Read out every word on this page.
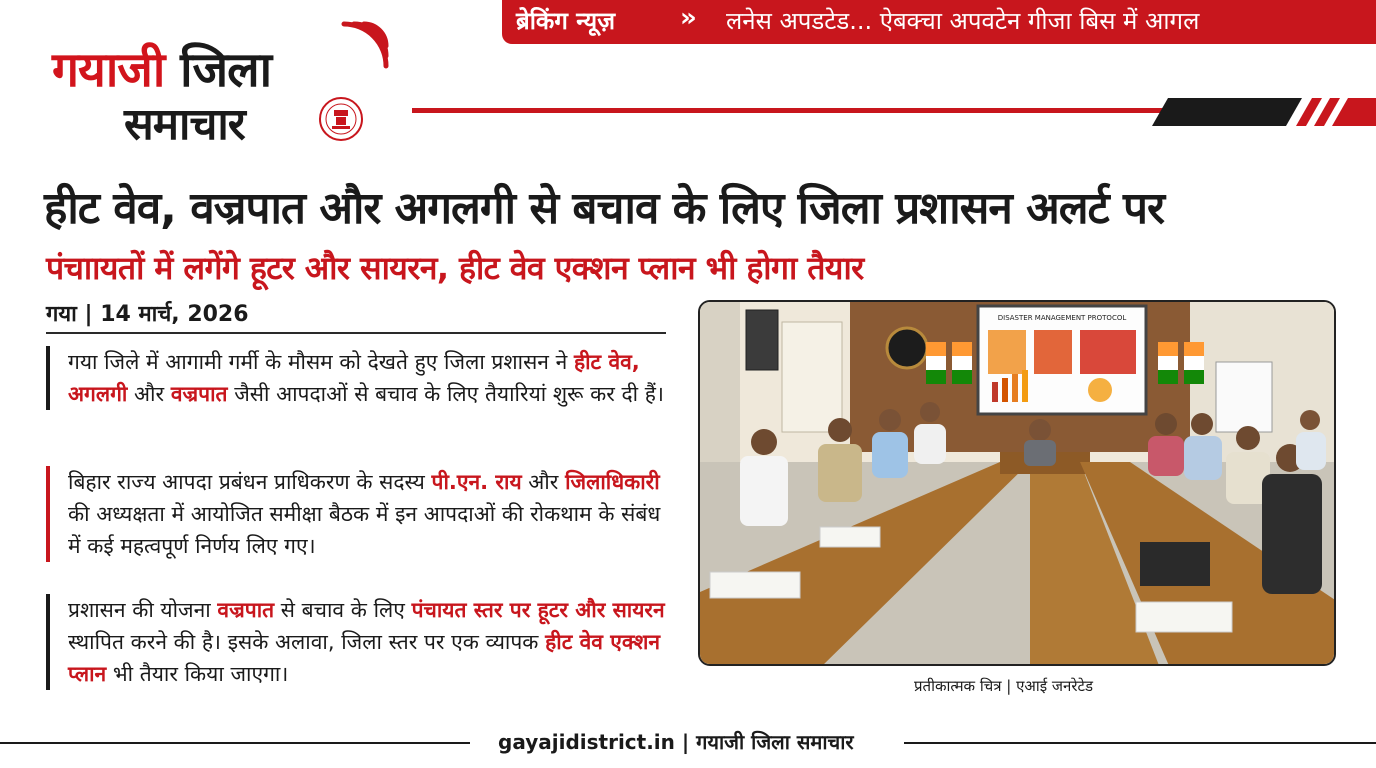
ब्रेकिंग न्यूज़ » लनेस अपडटेड... ऐबक्चा अपवटेन गीजा बिस में आगल
गयाजी जिला
समाचार
हीट वेव, वज्रपात और अगलगी से बचाव के लिए जिला प्रशासन अलर्ट पर
पंचाायतों में लगेंगे हूटर और सायरन, हीट वेव एक्शन प्लान भी होगा तैयार
गया | 14 मार्च, 2026

गया जिले में आगामी गर्मी के मौसम को देखते हुए जिला प्रशासन ने हीट वेव, अगलगी और वज्रपात जैसी आपदाओं से बचाव के लिए तैयारियां शुरू कर दी हैं।

बिहार राज्य आपदा प्रबंधन प्राधिकरण के सदस्य पी.एन. राय और जिलाधिकारी की अध्यक्षता में आयोजित समीक्षा बैठक में इन आपदाओं की रोकथाम के संबंध में कई महत्वपूर्ण निर्णय लिए गए।

प्रशासन की योजना वज्रपात से बचाव के लिए पंचायत स्तर पर हूटर और सायरन स्थापित करने की है। इसके अलावा, जिला स्तर पर एक व्यापक हीट वेव एक्शन प्लान भी तैयार किया जाएगा।

DISASTER MANAGEMENT PROTOCOL
प्रतीकात्मक चित्र | एआई जनरेटेड
gayajidistrict.in | गयाजी जिला समाचार
